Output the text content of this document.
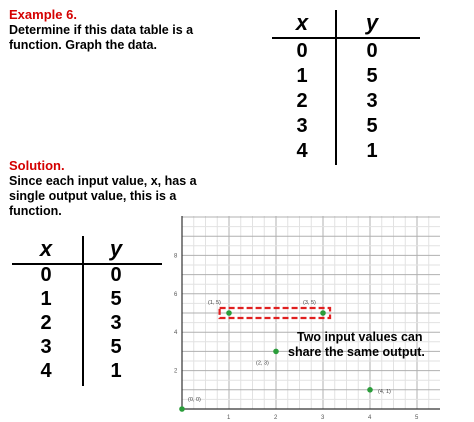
Example 6.
Determine if this data table is a
function. Graph the data.
x	y
0	0
1	5
2	3
3	5
4	1
Solution.
Since each input value, x, has a
single output value, this is a
function.
x	y
0	0
1	5
2	3
3	5
4	1
1	2	3	4	5
2
4
6
8
(0, 0)
(1, 5)
(2, 3)
(3, 5)
(4, 1)
Two input values can
share the same output.
